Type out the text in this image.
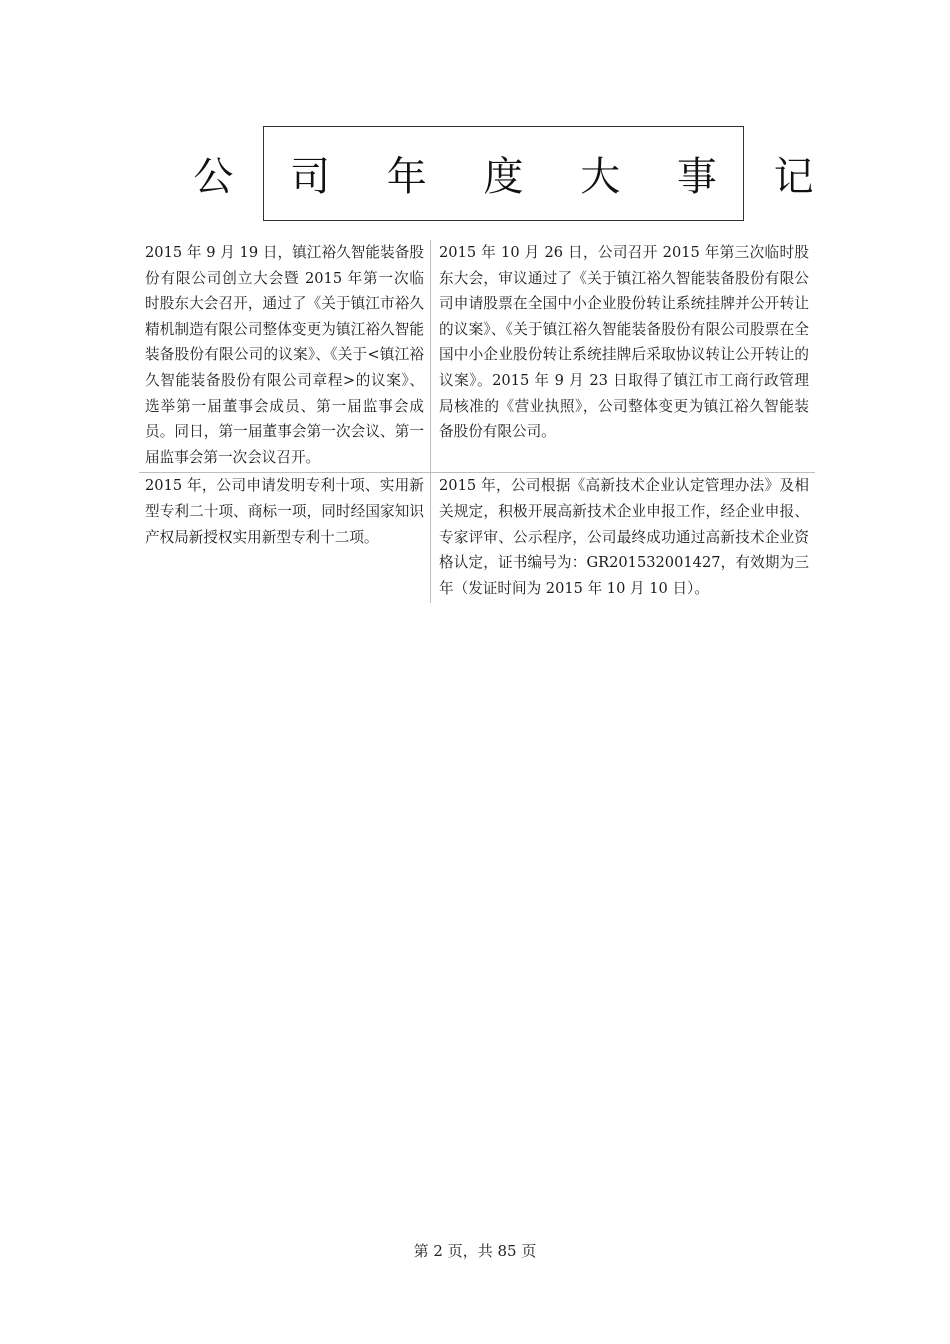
公 司 年 度 大 事 记
2015 年 9 月 19 日，镇江裕久智能装备股份有限公司创立大会暨 2015 年第一次临时股东大会召开，通过了《关于镇江市裕久精机制造有限公司整体变更为镇江裕久智能装备股份有限公司的议案》、《关于<镇江裕久智能装备股份有限公司章程>的议案》、选举第一届董事会成员、第一届监事会成员。同日，第一届董事会第一次会议、第一届监事会第一次会议召开。
2015 年 10 月 26 日，公司召开 2015 年第三次临时股东大会，审议通过了《关于镇江裕久智能装备股份有限公司申请股票在全国中小企业股份转让系统挂牌并公开转让的议案》、《关于镇江裕久智能装备股份有限公司股票在全国中小企业股份转让系统挂牌后采取协议转让公开转让的议案》。2015 年 9 月 23 日取得了镇江市工商行政管理局核准的《营业执照》，公司整体变更为镇江裕久智能装备股份有限公司。
2015 年，公司申请发明专利十项、实用新型专利二十项、商标一项，同时经国家知识产权局新授权实用新型专利十二项。
2015 年，公司根据《高新技术企业认定管理办法》及相关规定，积极开展高新技术企业申报工作，经企业申报、专家评审、公示程序，公司最终成功通过高新技术企业资格认定，证书编号为：GR201532001427，有效期为三年（发证时间为 2015 年 10 月 10 日）。
第 2 页，共 85 页
